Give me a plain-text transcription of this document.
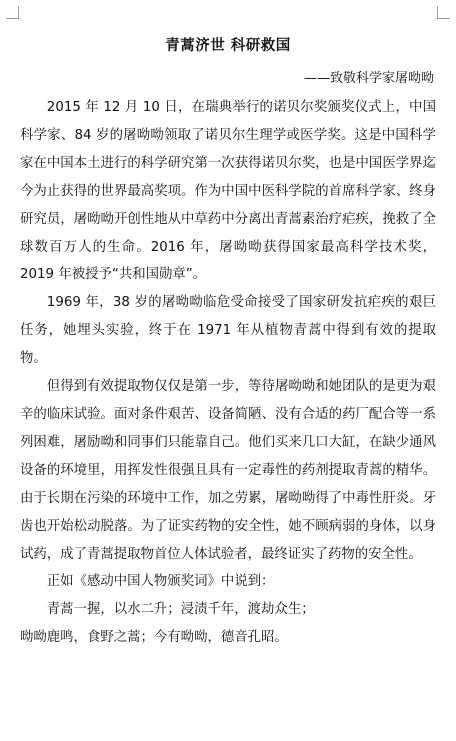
青蒿济世 科研救国
——致敬科学家屠呦呦

2015 年 12 月 10 日，在瑞典举行的诺贝尔奖颁奖仪式上，中国科学家、84 岁的屠呦呦领取了诺贝尔生理学或医学奖。这是中国科学家在中国本土进行的科学研究第一次获得诺贝尔奖，也是中国医学界迄今为止获得的世界最高奖项。作为中国中医科学院的首席科学家、终身研究员，屠呦呦开创性地从中草药中分离出青蒿素治疗疟疾，挽救了全球数百万人的生命。2016 年，屠呦呦获得国家最高科学技术奖，2019 年被授予“共和国勋章”。

1969 年，38 岁的屠呦呦临危受命接受了国家研发抗疟疾的艰巨任务，她埋头实验，终于在 1971 年从植物青蒿中得到有效的提取物。

但得到有效提取物仅仅是第一步，等待屠呦呦和她团队的是更为艰辛的临床试验。面对条件艰苦、设备简陋、没有合适的药厂配合等一系列困难，屠励呦和同事们只能靠自己。他们买来几口大缸，在缺少通风设备的环境里，用挥发性很强且具有一定毒性的药剂提取青蒿的精华。由于长期在污染的环境中工作，加之劳累，屠呦呦得了中毒性肝炎。牙齿也开始松动脱落。为了证实药物的安全性，她不顾病弱的身体，以身试药，成了青蒿提取物首位人体试验者，最终证实了药物的安全性。

正如《感动中国人物颁奖词》中说到：

青蒿一握，以水二升；浸渍千年，渡劫众生；

呦呦鹿鸣，食野之蒿；今有呦呦，德音孔昭。
